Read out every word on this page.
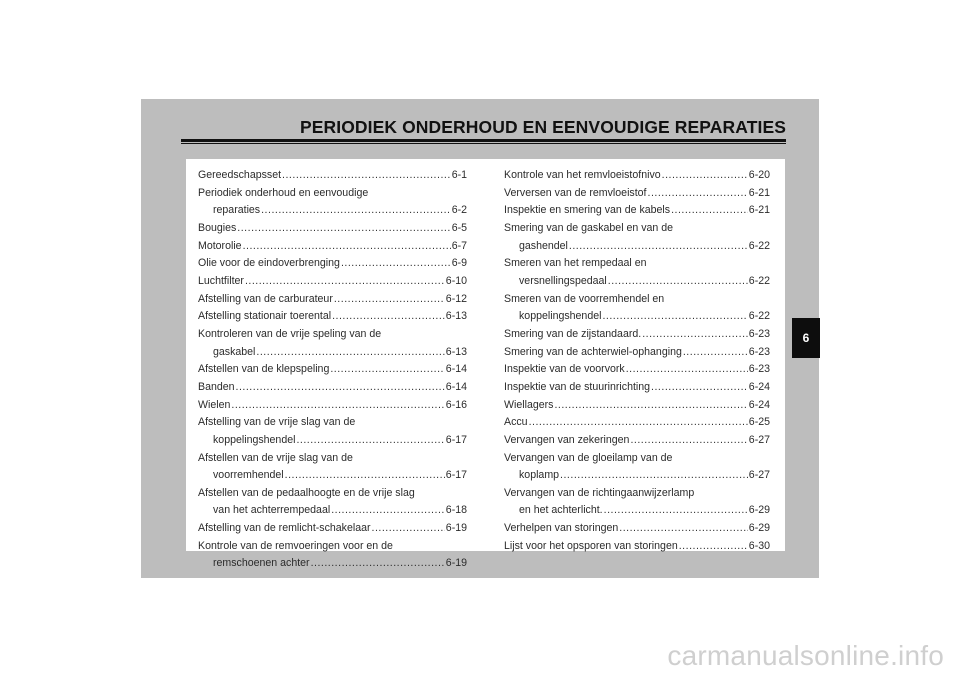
PERIODIEK ONDERHOUD EN EENVOUDIGE REPARATIES
Gereedschapsset .....	6-1
Periodiek onderhoud en eenvoudige
reparaties .....	6-2
Bougies .....	6-5
Motorolie .....	6-7
Olie voor de eindoverbrenging .....	6-9
Luchtfilter .....	6-10
Afstelling van de carburateur .....	6-12
Afstelling stationair toerental .....	6-13
Kontroleren van de vrije speling van de
gaskabel .....	6-13
Afstellen van de klepspeling .....	6-14
Banden .....	6-14
Wielen .....	6-16
Afstelling van de vrije slag van de
koppelingshendel .....	6-17
Afstellen van de vrije slag van de
voorremhendel .....	6-17
Afstellen van de pedaalhoogte en de vrije slag
van het achterrempedaal .....	6-18
Afstelling van de remlicht-schakelaar .....	6-19
Kontrole van de remvoeringen voor en de
remschoenen achter .....	6-19
Kontrole van het remvloeistofnivo .....	6-20
Verversen van de remvloeistof .....	6-21
Inspektie en smering van de kabels .....	6-21
Smering van de gaskabel en van de
gashendel .....	6-22
Smeren van het rempedaal en
versnellingspedaal .....	6-22
Smeren van de voorremhendel en
koppelingshendel .....	6-22
Smering van de zijstandaard. .....	6-23
Smering van de achterwiel-ophanging .....	6-23
Inspektie van de voorvork .....	6-23
Inspektie van de stuurinrichting .....	6-24
Wiellagers .....	6-24
Accu .....	6-25
Vervangen van zekeringen .....	6-27
Vervangen van de gloeilamp van de
koplamp .....	6-27
Vervangen van de richtingaanwijzerlamp
en het achterlicht. .....	6-29
Verhelpen van storingen .....	6-29
Lijst voor het opsporen van storingen .....	6-30
6
carmanualsonline.info
